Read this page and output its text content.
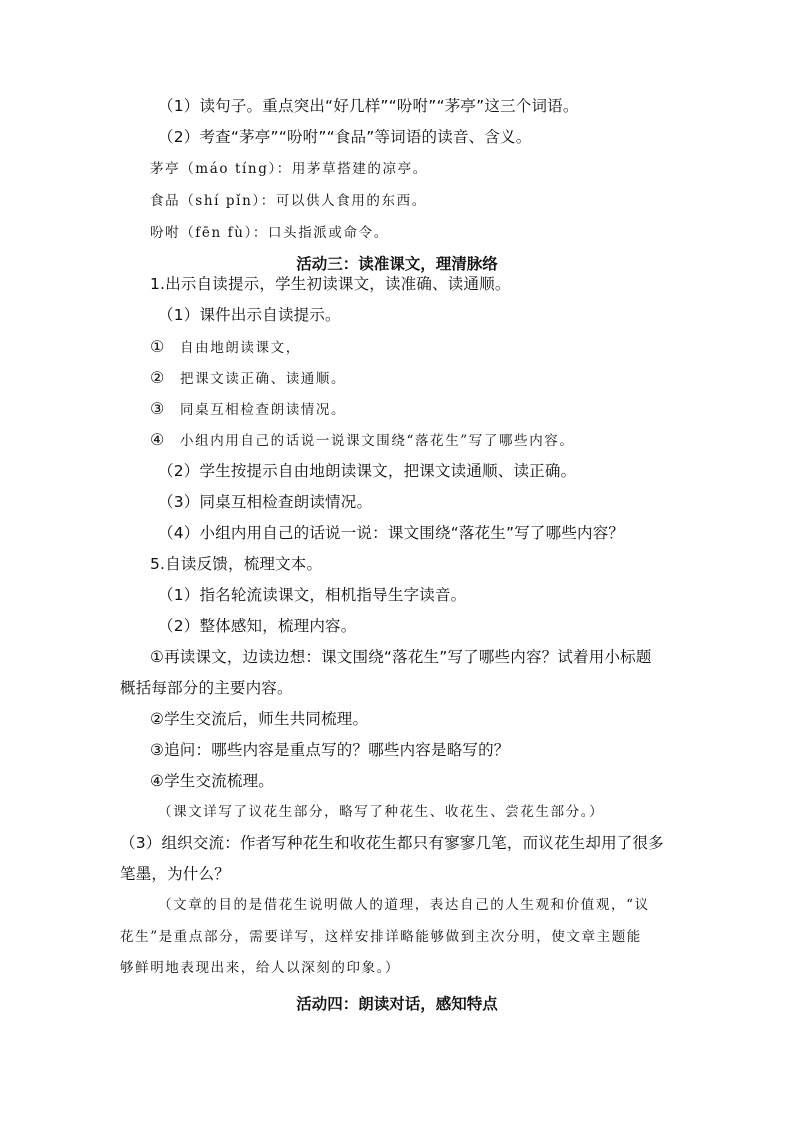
（1）读句子。重点突出“好几样”“吩咐”“茅亭”这三个词语。
（2）考查“茅亭”“吩咐”“食品”等词语的读音、含义。
茅亭（máo tíng）：用茅草搭建的凉亭。
食品（shí pǐn）：可以供人食用的东西。
吩咐（fēn fù）：口头指派或命令。
活动三：读准课文，理清脉络
1.出示自读提示，学生初读课文，读准确、读通顺。
（1）课件出示自读提示。
① 自由地朗读课文，
② 把课文读正确、读通顺。
③ 同桌互相检查朗读情况。
④ 小组内用自己的话说一说课文围绕“落花生”写了哪些内容。
（2）学生按提示自由地朗读课文，把课文读通顺、读正确。
（3）同桌互相检查朗读情况。
（4）小组内用自己的话说一说：课文围绕“落花生”写了哪些内容？
5.自读反馈，梳理文本。
（1）指名轮流读课文，相机指导生字读音。
（2）整体感知，梳理内容。
①再读课文，边读边想：课文围绕“落花生”写了哪些内容？试着用小标题
概括每部分的主要内容。
②学生交流后，师生共同梳理。
③追问：哪些内容是重点写的？哪些内容是略写的？
④学生交流梳理。
（课文详写了议花生部分，略写了种花生、收花生、尝花生部分。）
（3）组织交流：作者写种花生和收花生都只有寥寥几笔，而议花生却用了很多
笔墨，为什么？
（文章的目的是借花生说明做人的道理，表达自己的人生观和价值观，“议
花生”是重点部分，需要详写，这样安排详略能够做到主次分明，使文章主题能
够鲜明地表现出来，给人以深刻的印象。）
活动四：朗读对话，感知特点
